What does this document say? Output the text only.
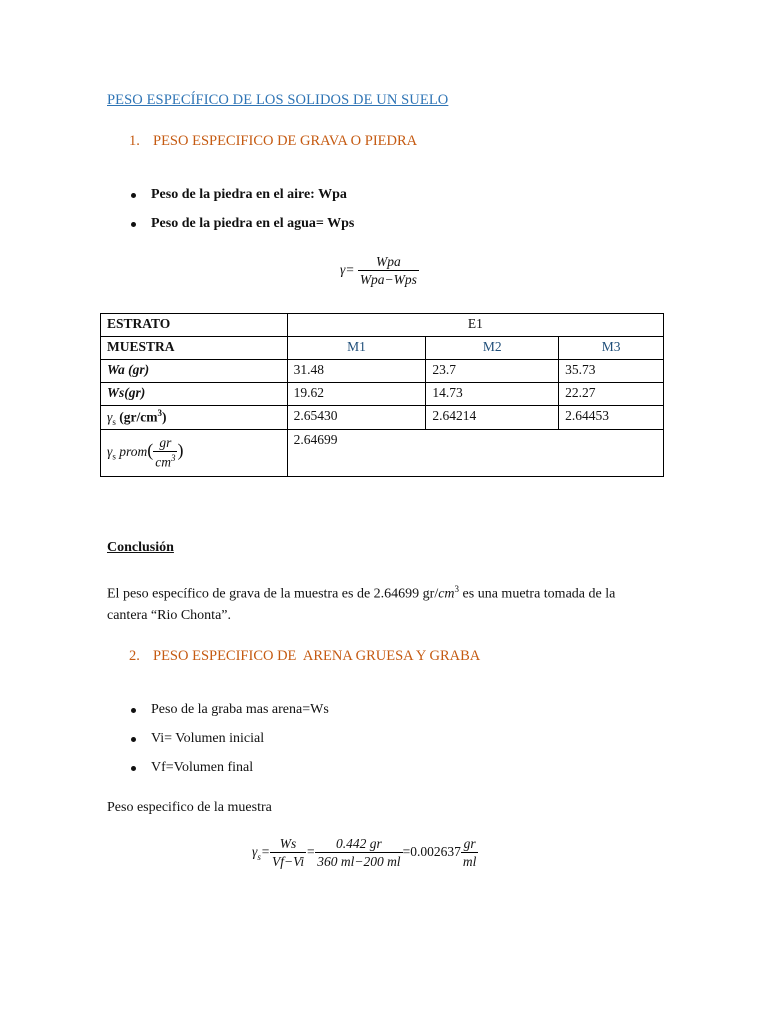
PESO ESPECÍFICO DE LOS SOLIDOS DE UN SUELO
1. PESO ESPECIFICO DE GRAVA O PIEDRA
Peso de la piedra en el aire: Wpa
Peso de la piedra en el agua= Wps
$\gamma= \frac{\text{Wpa}}{\text{Wpa−Wps}}$
ESTRATO	E1		
MUESTRA	M1	M2	M3
Wa (gr)	31.48	23.7	35.73
Ws(gr)	19.62	14.73	22.27
$\gamma_s$ $(gr/cm^3)$	2.65430	2.64214	2.64453
$\gamma_s$ prom( $\frac{gr}{cm^3}$ )	2.64699		
Conclusión
El peso específico de grava de la muestra es de 2.64699 $gr/cm^3$ es una muetra tomada de la
cantera “Rio Chonta”.
2. PESO ESPECIFICO DE  ARENA GRUESA Y GRABA
Peso de la graba mas arena=Ws
Vi= Volumen inicial
Vf=Volumen final
Peso especifico de la muestra
$\gamma_s= \frac{Ws}{Vf-Vi} = \frac{0.442 gr}{360 ml-200 ml} =0.002637 \frac{gr}{ml}$
